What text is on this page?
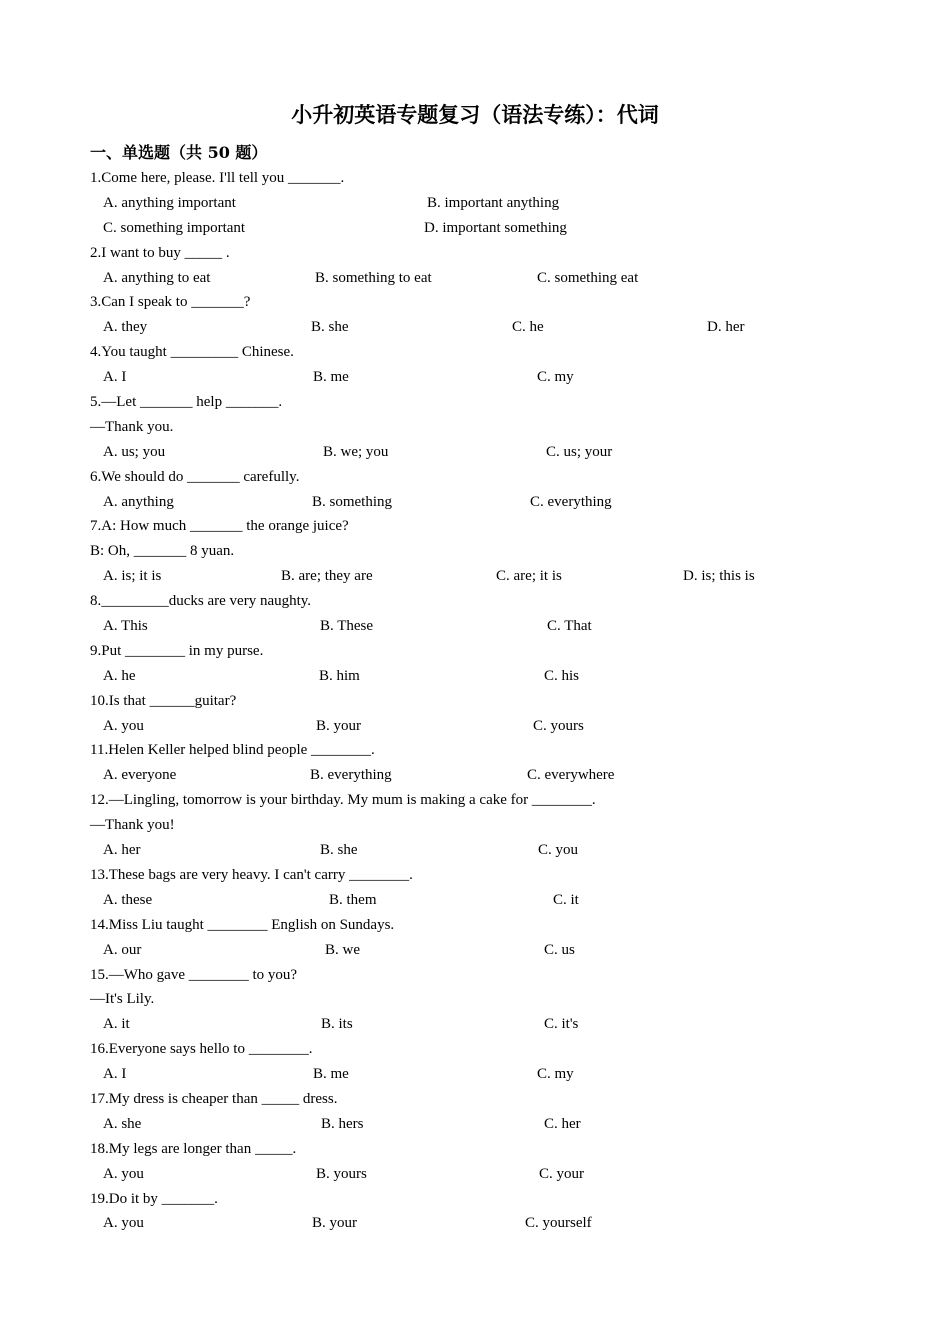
小升初英语专题复习（语法专练）：代词
一、单选题（共 50 题）
1.Come here, please. I'll tell you _______.
A. anything important	B. important anything
C. something important	D. important something
2.I want to buy _____ .
A. anything to eat	B. something to eat	C. something eat
3.Can I speak to _______?
A. they	B. she	C. he	D. her
4.You taught _________ Chinese.
A. I	B. me	C. my
5.—Let _______ help _______.
—Thank you.
A. us; you	B. we; you	C. us; your
6.We should do _______ carefully.
A. anything	B. something	C. everything
7.A: How much _______ the orange juice?
B: Oh, _______ 8 yuan.
A. is; it is	B. are; they are	C. are; it is	D. is; this is
8._________ducks are very naughty.
A. This	B. These	C. That
9.Put ________ in my purse.
A. he	B. him	C. his
10.Is that ______guitar?
A. you	B. your	C. yours
11.Helen Keller helped blind people ________.
A. everyone	B. everything	C. everywhere
12.—Lingling, tomorrow is your birthday. My mum is making a cake for ________.
—Thank you!
A. her	B. she	C. you
13.These bags are very heavy. I can't carry ________.
A. these	B. them	C. it
14.Miss Liu taught ________ English on Sundays.
A. our	B. we	C. us
15.—Who gave ________ to you?
—It's Lily.
A. it	B. its	C. it's
16.Everyone says hello to ________.
A. I	B. me	C. my
17.My dress is cheaper than _____ dress.
A. she	B. hers	C. her
18.My legs are longer than _____.
A. you	B. yours	C. your
19.Do it by _______.
A. you	B. your	C. yourself
